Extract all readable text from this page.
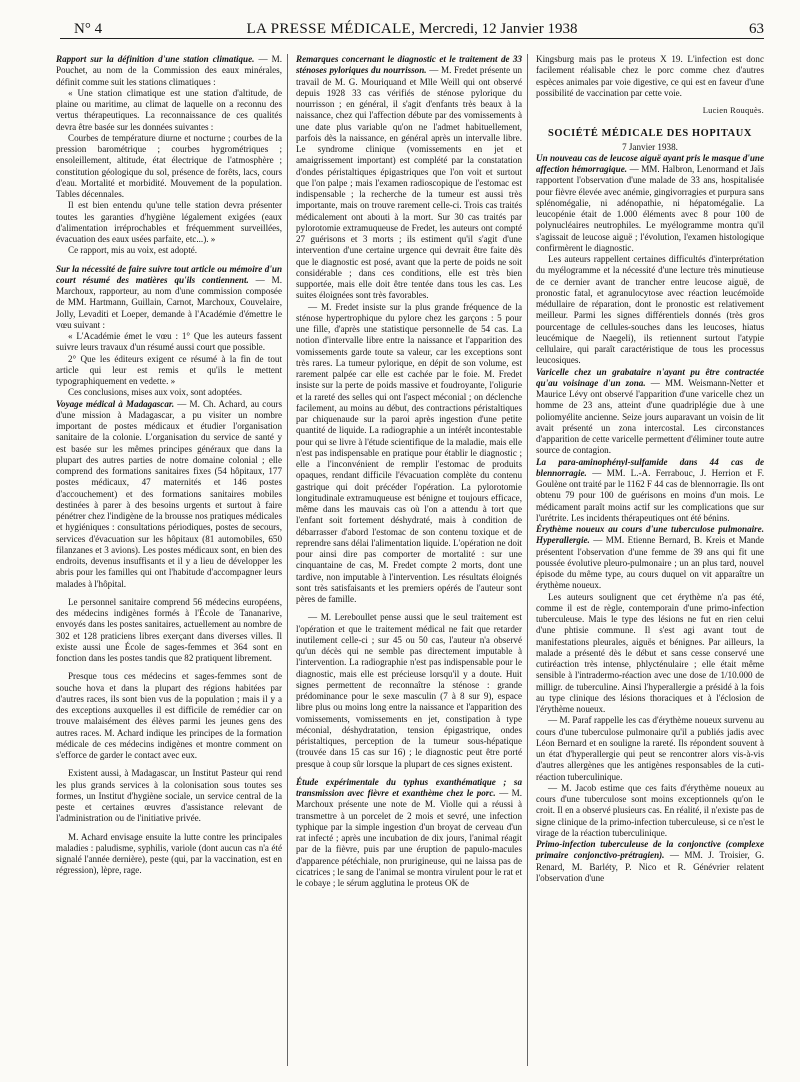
N° 4	LA PRESSE MÉDICALE, Mercredi, 12 Janvier 1938	63

Rapport sur la définition d'une station climatique. — M. Pouchet, au nom de la Commission des eaux minérales, définit comme suit les stations climatiques :

« Une station climatique est une station d'altitude, de plaine ou maritime, au climat de laquelle on a reconnu des vertus thérapeutiques. La reconnaissance de ces qualités devra être basée sur les données suivantes :

Courbes de température diurne et nocturne ; courbes de la pression barométrique ; courbes hygrométriques ; ensoleillement, altitude, état électrique de l'atmosphère ; constitution géologique du sol, présence de forêts, lacs, cours d'eau. Mortalité et morbidité. Mouvement de la population. Tables décennales.

Il est bien entendu qu'une telle station devra présenter toutes les garanties d'hygiène légalement exigées (eaux d'alimentation irréprochables et fréquemment surveillées, évacuation des eaux usées parfaite, etc...). »

Ce rapport, mis au voix, est adopté.

Sur la nécessité de faire suivre tout article ou mémoire d'un court résumé des matières qu'ils contiennent. — M. Marchoux, rapporteur, au nom d'une commission composée de MM. Hartmann, Guillain, Carnot, Marchoux, Couvelaire, Jolly, Levaditi et Loeper, demande à l'Académie d'émettre le vœu suivant :

« L'Académie émet le vœu : 1° Que les auteurs fassent suivre leurs travaux d'un résumé aussi court que possible.

2° Que les éditeurs exigent ce résumé à la fin de tout article qui leur est remis et qu'ils le mettent typographiquement en vedette. »

Ces conclusions, mises aux voix, sont adoptées.

Voyage médical à Madagascar. — M. Ch. Achard, au cours d'une mission à Madagascar, a pu visiter un nombre important de postes médicaux et étudier l'organisation sanitaire de la colonie. L'organisation du service de santé y est basée sur les mêmes principes généraux que dans la plupart des autres parties de notre domaine colonial ; elle comprend des formations sanitaires fixes (54 hôpitaux, 177 postes médicaux, 47 maternités et 146 postes d'accouchement) et des formations sanitaires mobiles destinées à parer à des besoins urgents et surtout à faire pénétrer chez l'indigène de la brousse nos pratiques médicales et hygiéniques : consultations périodiques, postes de secours, services d'évacuation sur les hôpitaux (81 automobiles, 650 filanzanes et 3 avions). Les postes médicaux sont, en bien des endroits, devenus insuffisants et il y a lieu de développer les abris pour les familles qui ont l'habitude d'accompagner leurs malades à l'hôpital.

Le personnel sanitaire comprend 56 médecins européens, des médecins indigènes formés à l'École de Tananarive, envoyés dans les postes sanitaires, actuellement au nombre de 302 et 128 praticiens libres exerçant dans diverses villes. Il existe aussi une École de sages-femmes et 364 sont en fonction dans les postes tandis que 82 pratiquent librement.

Presque tous ces médecins et sages-femmes sont de souche hova et dans la plupart des régions habitées par d'autres races, ils sont bien vus de la population ; mais il y a des exceptions auxquelles il est difficile de remédier car on trouve malaisément des élèves parmi les jeunes gens des autres races. M. Achard indique les principes de la formation médicale de ces médecins indigènes et montre comment on s'efforce de garder le contact avec eux.

Existent aussi, à Madagascar, un Institut Pasteur qui rend les plus grands services à la colonisation sous toutes ses formes, un Institut d'hygiène sociale, un service central de la peste et certaines œuvres d'assistance relevant de l'administration ou de l'initiative privée.

M. Achard envisage ensuite la lutte contre les principales maladies : paludisme, syphilis, variole (dont aucun cas n'a été signalé l'année dernière), peste (qui, par la vaccination, est en régression), lèpre, rage.

Remarques concernant le diagnostic et le traitement de 33 sténoses pyloriques du nourrisson. — M. Fredet présente un travail de M. G. Mouriquand et Mlle Weill qui ont observé depuis 1928 33 cas vérifiés de sténose pylorique du nourrisson ; en général, il s'agit d'enfants très beaux à la naissance, chez qui l'affection débute par des vomissements à une date plus variable qu'on ne l'admet habituellement, parfois dès la naissance, en général après un intervalle libre. Le syndrome clinique (vomissements en jet et amaigrissement important) est complété par la constatation d'ondes péristaltiques épigastriques que l'on voit et surtout que l'on palpe ; mais l'examen radioscopique de l'estomac est indispensable ; la recherche de la tumeur est aussi très importante, mais on trouve rarement celle-ci. Trois cas traités médicalement ont abouti à la mort. Sur 30 cas traités par pylorotomie extramuqueuse de Fredet, les auteurs ont compté 27 guérisons et 3 morts ; ils estiment qu'il s'agit d'une intervention d'une certaine urgence qui devrait être faite dès que le diagnostic est posé, avant que la perte de poids ne soit considérable ; dans ces conditions, elle est très bien supportée, mais elle doit être tentée dans tous les cas. Les suites éloignées sont très favorables.

— M. Fredet insiste sur la plus grande fréquence de la sténose hypertrophique du pylore chez les garçons : 5 pour une fille, d'après une statistique personnelle de 54 cas. La notion d'intervalle libre entre la naissance et l'apparition des vomissements garde toute sa valeur, car les exceptions sont très rares. La tumeur pylorique, en dépit de son volume, est rarement palpée car elle est cachée par le foie. M. Fredet insiste sur la perte de poids massive et foudroyante, l'oligurie et la rareté des selles qui ont l'aspect méconial ; on déclenche facilement, au moins au début, des contractions péristaltiques par chiquenaude sur la paroi après ingestion d'une petite quantité de liquide. La radiographie a un intérêt incontestable pour qui se livre à l'étude scientifique de la maladie, mais elle n'est pas indispensable en pratique pour établir le diagnostic ; elle a l'inconvénient de remplir l'estomac de produits opaques, rendant difficile l'évacuation complète du contenu gastrique qui doit précéder l'opération. La pylorotomie longitudinale extramuqueuse est bénigne et toujours efficace, même dans les mauvais cas où l'on a attendu à tort que l'enfant soit fortement déshydraté, mais à condition de débarrasser d'abord l'estomac de son contenu toxique et de reprendre sans délai l'alimentation liquide. L'opération ne doit pour ainsi dire pas comporter de mortalité : sur une cinquantaine de cas, M. Fredet compte 2 morts, dont une tardive, non imputable à l'intervention. Les résultats éloignés sont très satisfaisants et les premiers opérés de l'auteur sont pères de famille.

— M. Lereboullet pense aussi que le seul traitement est l'opération et que le traitement médical ne fait que retarder inutilement celle-ci ; sur 45 ou 50 cas, l'auteur n'a observé qu'un décès qui ne semble pas directement imputable à l'intervention. La radiographie n'est pas indispensable pour le diagnostic, mais elle est précieuse lorsqu'il y a doute. Huit signes permettent de reconnaître la sténose : grande prédominance pour le sexe masculin (7 à 8 sur 9), espace libre plus ou moins long entre la naissance et l'apparition des vomissements, vomissements en jet, constipation à type méconial, déshydratation, tension épigastrique, ondes péristaltiques, perception de la tumeur sous-hépatique (trouvée dans 15 cas sur 16) ; le diagnostic peut être porté presque à coup sûr lorsque la plupart de ces signes existent.

Étude expérimentale du typhus exanthématique ; sa transmission avec fièvre et exanthème chez le porc. — M. Marchoux présente une note de M. Violle qui a réussi à transmettre à un porcelet de 2 mois et sevré, une infection typhique par la simple ingestion d'un broyat de cerveau d'un rat infecté ; après une incubation de dix jours, l'animal réagit par de la fièvre, puis par une éruption de papulo-macules d'apparence pétéchiale, non prurigineuse, qui ne laissa pas de cicatrices ; le sang de l'animal se montra virulent pour le rat et le cobaye ; le sérum agglutina le proteus OK de

Kingsburg mais pas le proteus X 19. L'infection est donc facilement réalisable chez le porc comme chez d'autres espèces animales par voie digestive, ce qui est en faveur d'une possibilité de vaccination par cette voie.

Lucien Rouquès.
SOCIÉTÉ MÉDICALE DES HOPITAUX
7 Janvier 1938.

Un nouveau cas de leucose aiguë ayant pris le masque d'une affection hémorragique. — MM. Halbron, Lenormand et Jaïs rapportent l'observation d'une malade de 33 ans, hospitalisée pour fièvre élevée avec anémie, gingivorragies et purpura sans splénomégalie, ni adénopathie, ni hépatomégalie. La leucopénie était de 1.000 éléments avec 8 pour 100 de polynucléaires neutrophiles. Le myélogramme montra qu'il s'agissait de leucose aiguë ; l'évolution, l'examen histologique confirmèrent le diagnostic.

Les auteurs rappellent certaines difficultés d'interprétation du myélogramme et la nécessité d'une lecture très minutieuse de ce dernier avant de trancher entre leucose aiguë, de pronostic fatal, et agranulocytose avec réaction leucémoïde médullaire de réparation, dont le pronostic est relativement meilleur. Parmi les signes différentiels donnés (très gros pourcentage de cellules-souches dans les leucoses, hiatus leucémique de Naegeli), ils retiennent surtout l'atypie cellulaire, qui paraît caractéristique de tous les processus leucosiques.

Varicelle chez un grabataire n'ayant pu être contractée qu'au voisinage d'un zona. — MM. Weismann-Netter et Maurice Lévy ont observé l'apparition d'une varicelle chez un homme de 23 ans, atteint d'une quadriplégie due à une poliomyélite ancienne. Seize jours auparavant un voisin de lit avait présenté un zona intercostal. Les circonstances d'apparition de cette varicelle permettent d'éliminer toute autre source de contagion.

La para-aminophényl-sulfamide dans 44 cas de blennorragie. — MM. L.-A. Ferrabouc, J. Herrion et F. Goulène ont traité par le 1162 F 44 cas de blennorragie. Ils ont obtenu 79 pour 100 de guérisons en moins d'un mois. Le médicament paraît moins actif sur les complications que sur l'urétrite. Les incidents thérapeutiques ont été bénins.

Érythème noueux au cours d'une tuberculose pulmonaire. Hyperallergie. — MM. Etienne Bernard, B. Kreis et Mande présentent l'observation d'une femme de 39 ans qui fit une poussée évolutive pleuro-pulmonaire ; un an plus tard, nouvel épisode du même type, au cours duquel on vit apparaître un érythème noueux.

Les auteurs soulignent que cet érythème n'a pas été, comme il est de règle, contemporain d'une primo-infection tuberculeuse. Mais le type des lésions ne fut en rien celui d'une phtisie commune. Il s'est agi avant tout de manifestations pleurales, aiguës et bénignes. Par ailleurs, la malade a présenté dès le début et sans cesse conservé une cutiréaction très intense, phlycténulaire ; elle était même sensible à l'intradermo-réaction avec une dose de 1/10.000 de milligr. de tuberculine. Ainsi l'hyperallergie a présidé à la fois au type clinique des lésions thoraciques et à l'éclosion de l'érythème noueux.

— M. Paraf rappelle les cas d'érythème noueux survenu au cours d'une tuberculose pulmonaire qu'il a publiés jadis avec Léon Bernard et en souligne la rareté. Ils répondent souvent à un état d'hyperallergie qui peut se rencontrer alors vis-à-vis d'autres allergènes que les antigènes responsables de la cuti-réaction tuberculinique.

— M. Jacob estime que ces faits d'érythème noueux au cours d'une tuberculose sont moins exceptionnels qu'on le croit. Il en a observé plusieurs cas. En réalité, il n'existe pas de signe clinique de la primo-infection tuberculeuse, si ce n'est le virage de la réaction tuberculinique.

Primo-infection tuberculeuse de la conjonctive (complexe primaire conjonctivo-prétragien). — MM. J. Troisier, G. Renard, M. Barléty, P. Nico et R. Génévrier relatent l'observation d'une
